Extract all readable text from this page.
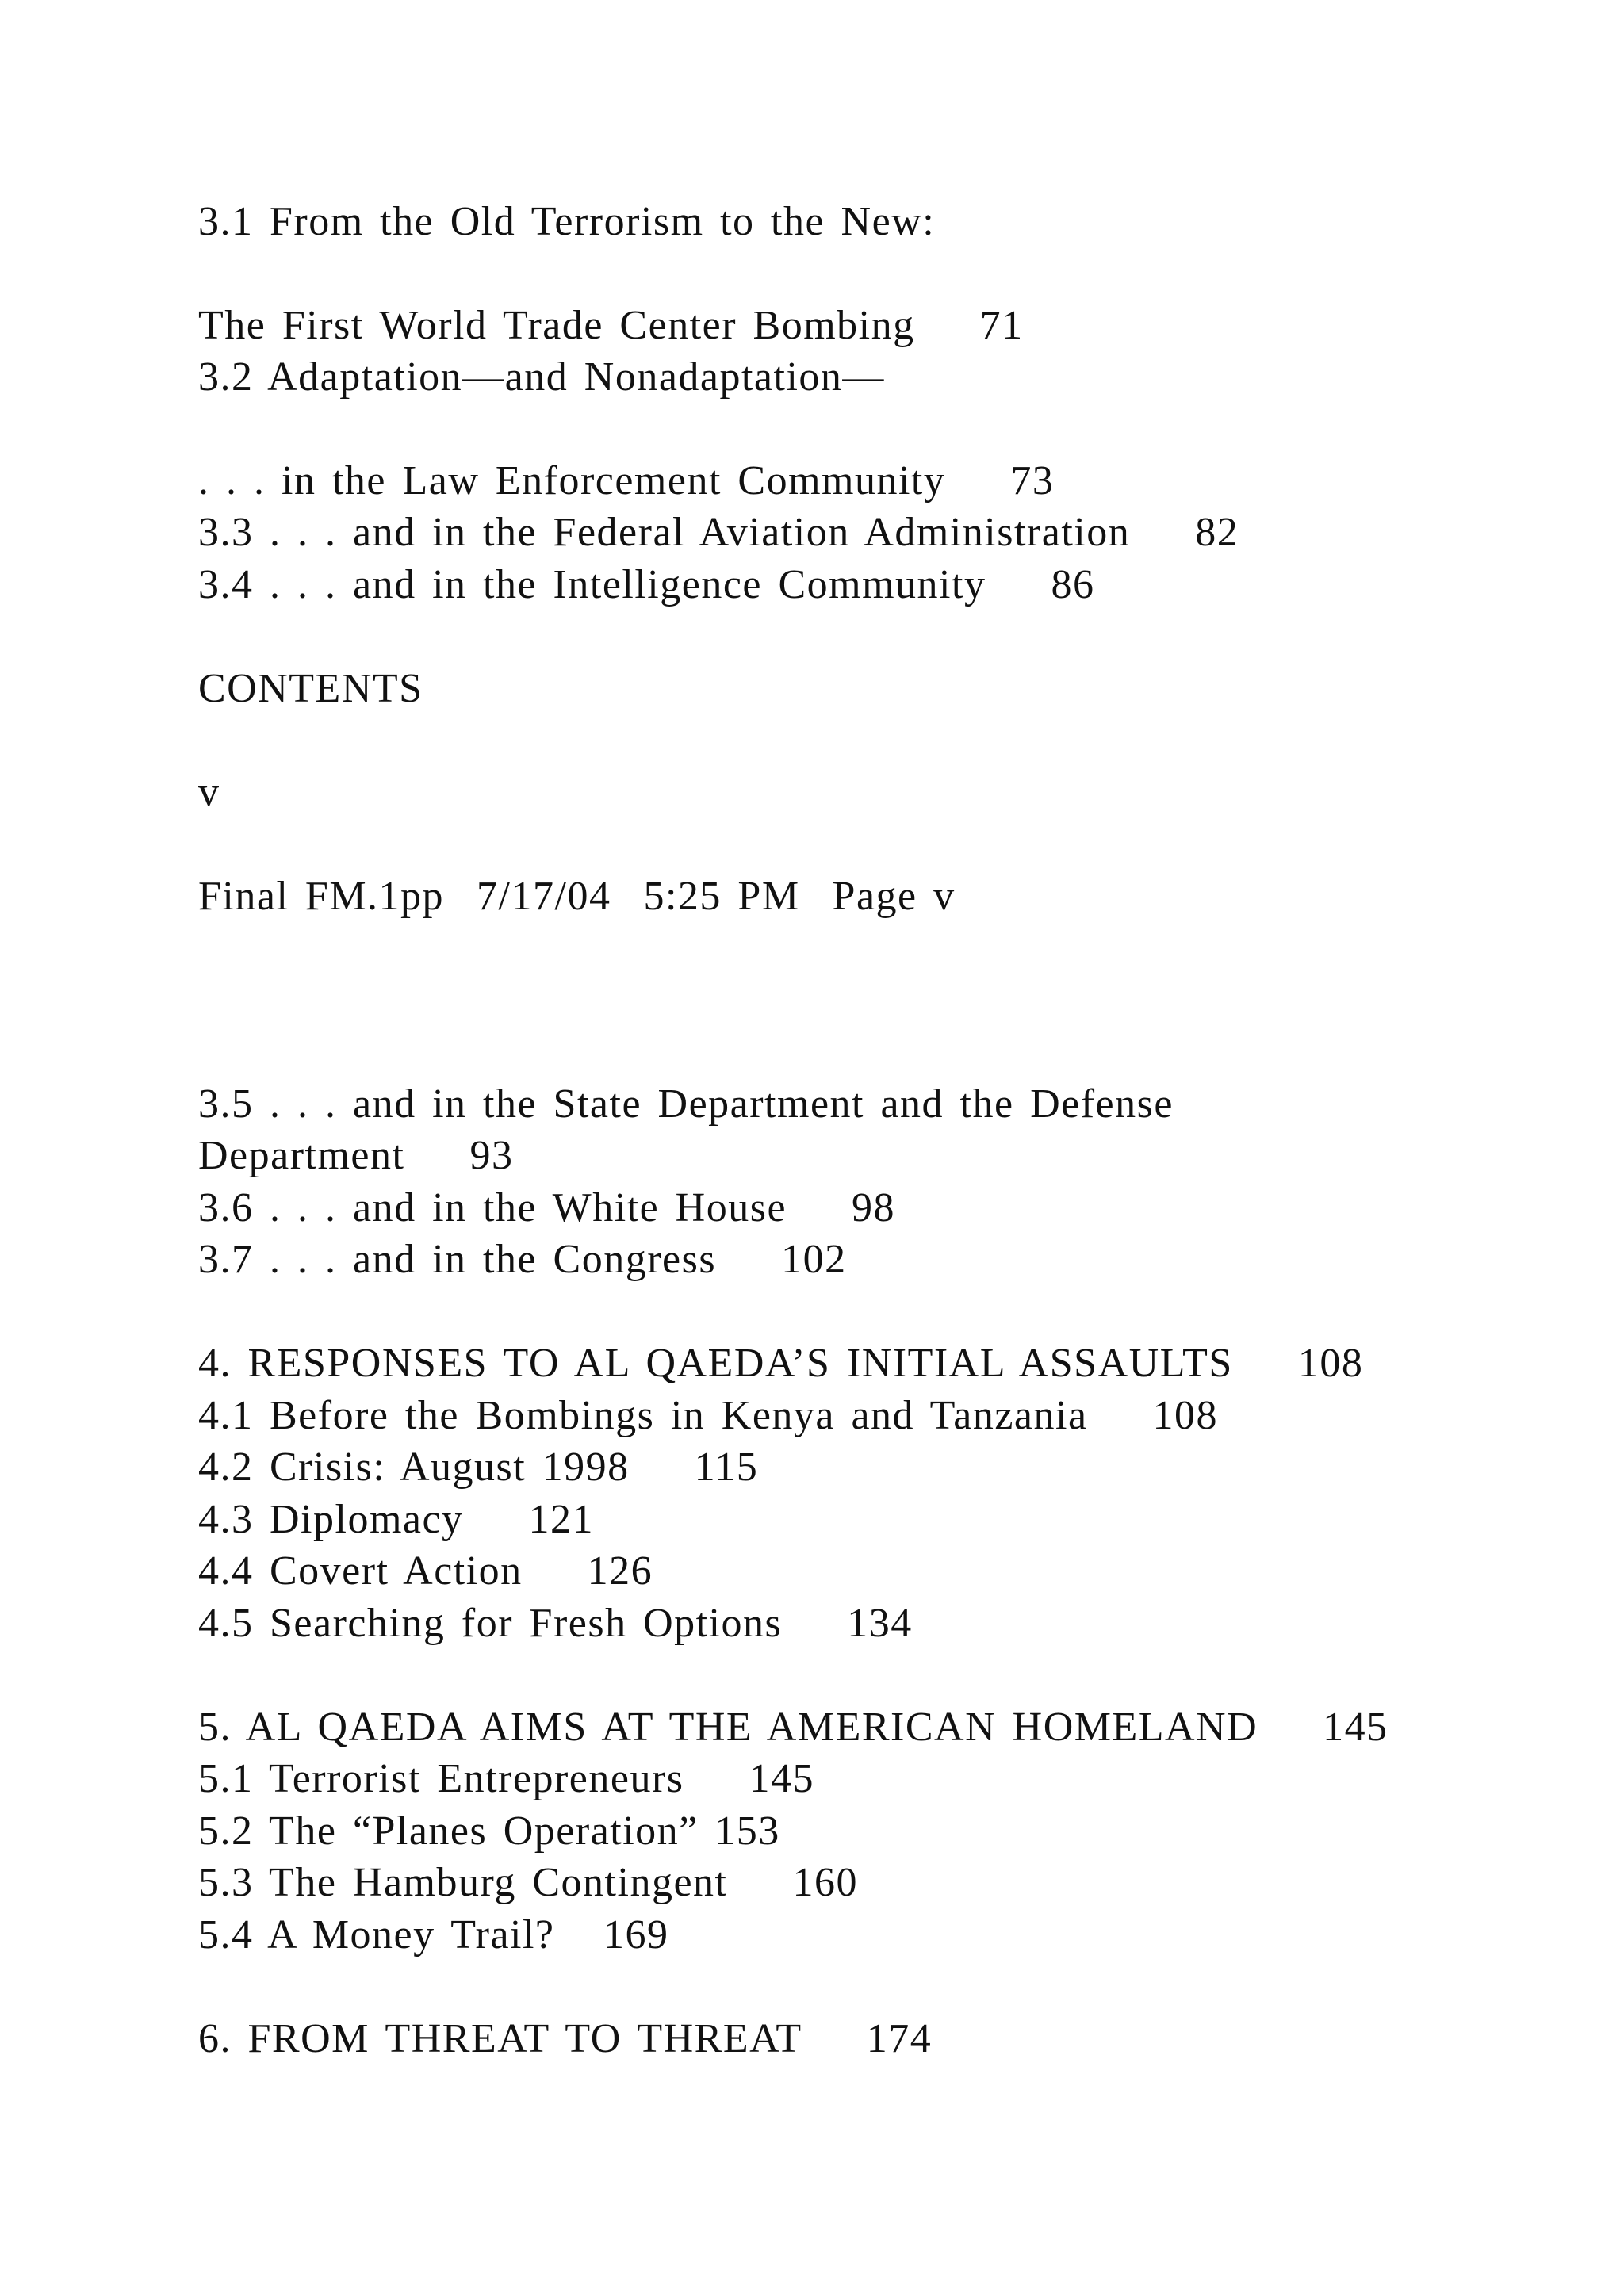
3.1 From the Old Terrorism to the New:

The First World Trade Center Bombing    71

3.2 Adaptation—and Nonadaptation—

. . . in the Law Enforcement Community    73

3.3 . . . and in the Federal Aviation Administration    82

3.4 . . . and in the Intelligence Community    86

CONTENTS

v

Final FM.1pp  7/17/04  5:25 PM  Page v

3.5 . . . and in the State Department and the Defense

Department    93

3.6 . . . and in the White House    98

3.7 . . . and in the Congress    102

4. RESPONSES TO AL QAEDA’S INITIAL ASSAULTS    108

4.1 Before the Bombings in Kenya and Tanzania    108

4.2 Crisis: August 1998    115

4.3 Diplomacy    121

4.4 Covert Action    126

4.5 Searching for Fresh Options    134

5. AL QAEDA AIMS AT THE AMERICAN HOMELAND    145

5.1 Terrorist Entrepreneurs    145

5.2 The “Planes Operation” 153

5.3 The Hamburg Contingent    160

5.4 A Money Trail?   169

6. FROM THREAT TO THREAT    174
